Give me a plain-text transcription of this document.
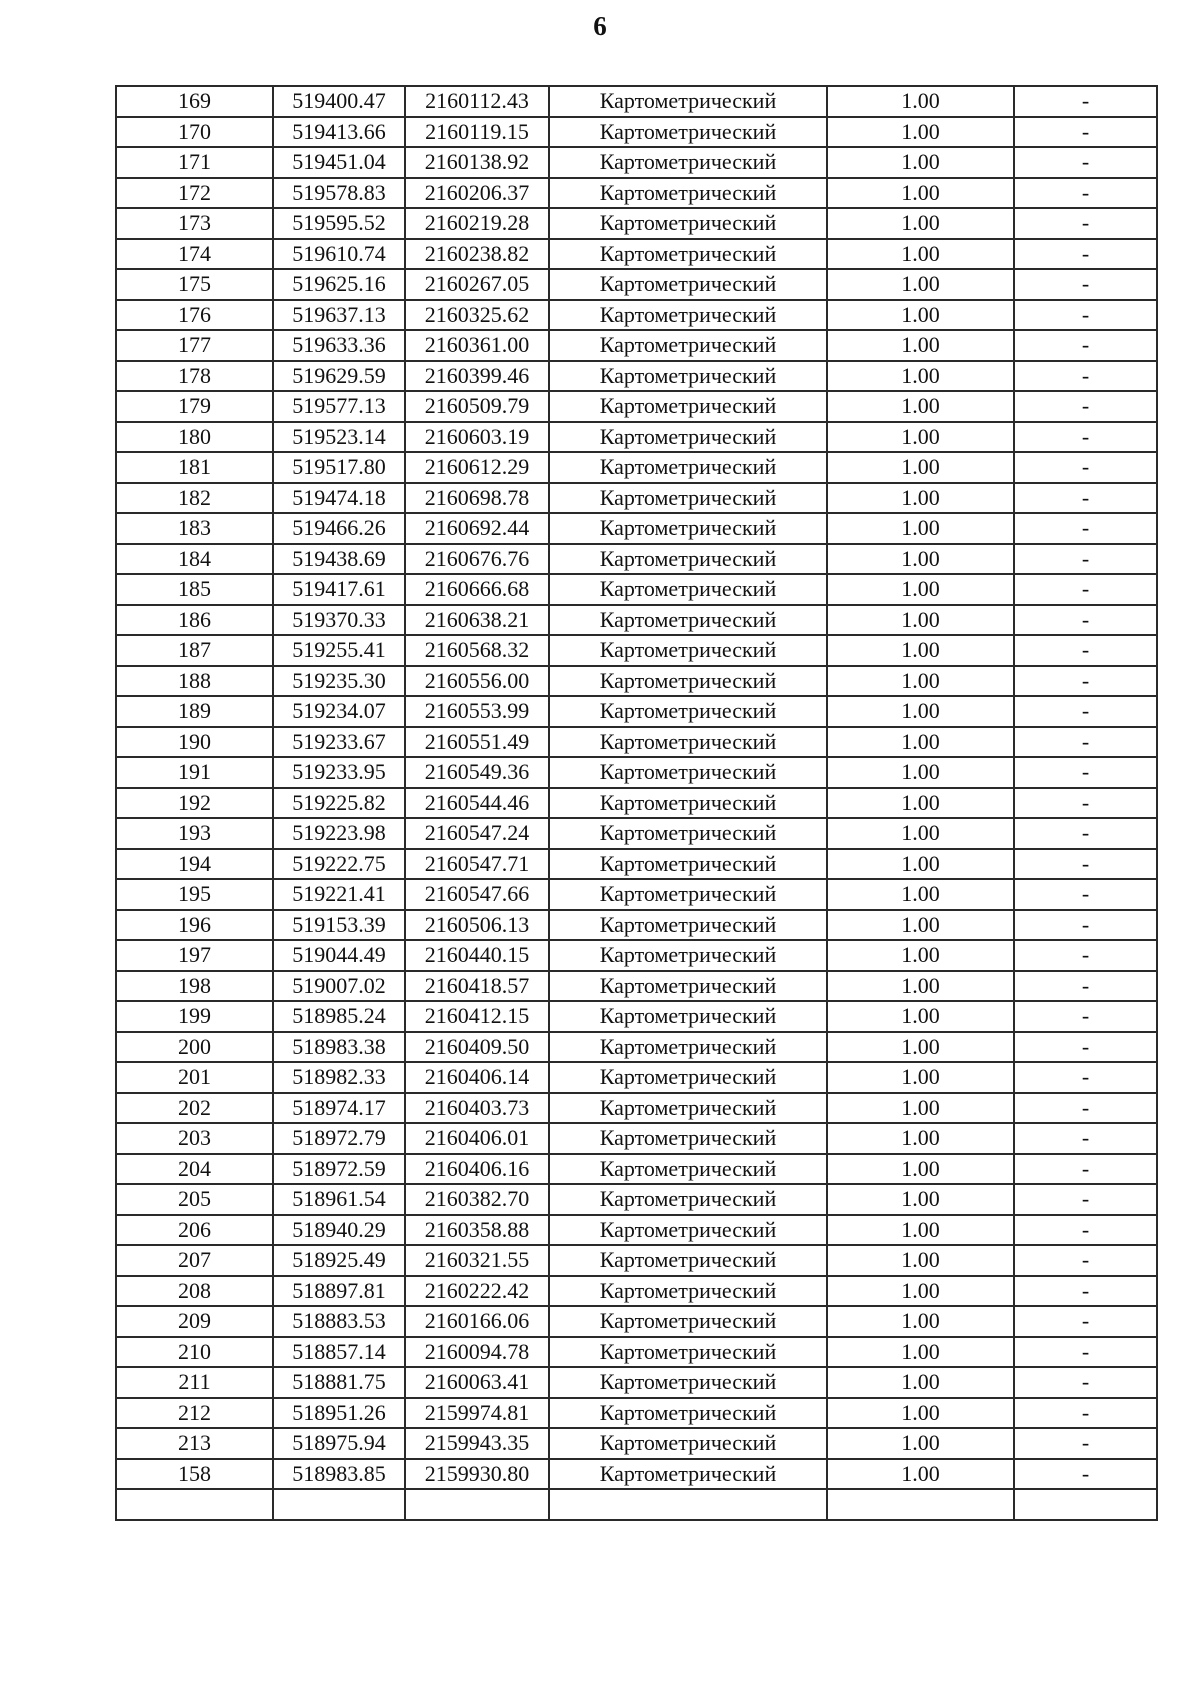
6
169	519400.47	2160112.43	Картометрический	1.00	-
170	519413.66	2160119.15	Картометрический	1.00	-
171	519451.04	2160138.92	Картометрический	1.00	-
172	519578.83	2160206.37	Картометрический	1.00	-
173	519595.52	2160219.28	Картометрический	1.00	-
174	519610.74	2160238.82	Картометрический	1.00	-
175	519625.16	2160267.05	Картометрический	1.00	-
176	519637.13	2160325.62	Картометрический	1.00	-
177	519633.36	2160361.00	Картометрический	1.00	-
178	519629.59	2160399.46	Картометрический	1.00	-
179	519577.13	2160509.79	Картометрический	1.00	-
180	519523.14	2160603.19	Картометрический	1.00	-
181	519517.80	2160612.29	Картометрический	1.00	-
182	519474.18	2160698.78	Картометрический	1.00	-
183	519466.26	2160692.44	Картометрический	1.00	-
184	519438.69	2160676.76	Картометрический	1.00	-
185	519417.61	2160666.68	Картометрический	1.00	-
186	519370.33	2160638.21	Картометрический	1.00	-
187	519255.41	2160568.32	Картометрический	1.00	-
188	519235.30	2160556.00	Картометрический	1.00	-
189	519234.07	2160553.99	Картометрический	1.00	-
190	519233.67	2160551.49	Картометрический	1.00	-
191	519233.95	2160549.36	Картометрический	1.00	-
192	519225.82	2160544.46	Картометрический	1.00	-
193	519223.98	2160547.24	Картометрический	1.00	-
194	519222.75	2160547.71	Картометрический	1.00	-
195	519221.41	2160547.66	Картометрический	1.00	-
196	519153.39	2160506.13	Картометрический	1.00	-
197	519044.49	2160440.15	Картометрический	1.00	-
198	519007.02	2160418.57	Картометрический	1.00	-
199	518985.24	2160412.15	Картометрический	1.00	-
200	518983.38	2160409.50	Картометрический	1.00	-
201	518982.33	2160406.14	Картометрический	1.00	-
202	518974.17	2160403.73	Картометрический	1.00	-
203	518972.79	2160406.01	Картометрический	1.00	-
204	518972.59	2160406.16	Картометрический	1.00	-
205	518961.54	2160382.70	Картометрический	1.00	-
206	518940.29	2160358.88	Картометрический	1.00	-
207	518925.49	2160321.55	Картометрический	1.00	-
208	518897.81	2160222.42	Картометрический	1.00	-
209	518883.53	2160166.06	Картометрический	1.00	-
210	518857.14	2160094.78	Картометрический	1.00	-
211	518881.75	2160063.41	Картометрический	1.00	-
212	518951.26	2159974.81	Картометрический	1.00	-
213	518975.94	2159943.35	Картометрический	1.00	-
158	518983.85	2159930.80	Картометрический	1.00	-
